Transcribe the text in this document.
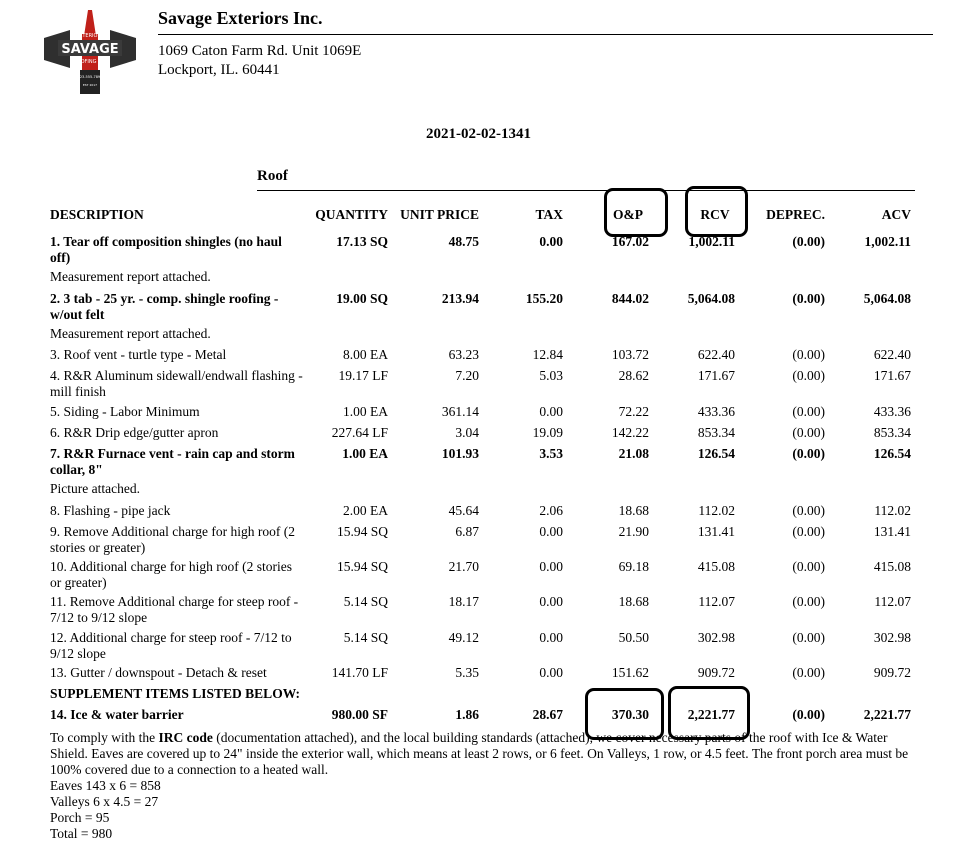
SAVAGE
EXTERIORS
ROOFING INC
123-555-7890
EST 2017
Savage Exteriors Inc.
1069 Caton Farm Rd. Unit 1069E
Lockport, IL. 60441
2021-02-02-1341
Roof
DESCRIPTION	QUANTITY UNIT PRICE	TAX	O&P	RCV	DEPREC.	ACV
1. Tear off composition shingles (no haul off)
17.13 SQ	48.75	0.00	167.02	1,002.11	(0.00)	1,002.11
Measurement report attached.
2. 3 tab - 25 yr. - comp. shingle roofing - w/out felt
19.00 SQ	213.94	155.20	844.02	5,064.08	(0.00)	5,064.08
Measurement report attached.
3. Roof vent - turtle type - Metal	8.00 EA	63.23	12.84	103.72	622.40	(0.00)	622.40
4. R&R Aluminum sidewall/endwall flashing - mill finish
19.17 LF	7.20	5.03	28.62	171.67	(0.00)	171.67
5. Siding - Labor Minimum	1.00 EA	361.14	0.00	72.22	433.36	(0.00)	433.36
6. R&R Drip edge/gutter apron	227.64 LF	3.04	19.09	142.22	853.34	(0.00)	853.34
7. R&R Furnace vent - rain cap and storm collar, 8"
1.00 EA	101.93	3.53	21.08	126.54	(0.00)	126.54
Picture attached.
8. Flashing - pipe jack	2.00 EA	45.64	2.06	18.68	112.02	(0.00)	112.02
9. Remove Additional charge for high roof (2 stories or greater)
15.94 SQ	6.87	0.00	21.90	131.41	(0.00)	131.41
10. Additional charge for high roof (2 stories or greater)
15.94 SQ	21.70	0.00	69.18	415.08	(0.00)	415.08
11. Remove Additional charge for steep roof - 7/12 to 9/12 slope
5.14 SQ	18.17	0.00	18.68	112.07	(0.00)	112.07
12. Additional charge for steep roof - 7/12 to 9/12 slope
5.14 SQ	49.12	0.00	50.50	302.98	(0.00)	302.98
13. Gutter / downspout - Detach & reset	141.70 LF	5.35	0.00	151.62	909.72	(0.00)	909.72
SUPPLEMENT ITEMS LISTED BELOW:
14. Ice & water barrier	980.00 SF	1.86	28.67	370.30	2,221.77	(0.00)	2,221.77
To comply with the IRC code (documentation attached), and the local building standards (attached), we cover necessary parts of the roof with Ice & Water Shield. Eaves are covered up to 24" inside the exterior wall, which means at least 2 rows, or 6 feet. On Valleys, 1 row, or 4.5 feet. The front porch area must be 100% covered due to a connection to a heated wall.
Eaves 143 x 6 = 858
Valleys 6 x 4.5 = 27
Porch = 95
Total = 980
